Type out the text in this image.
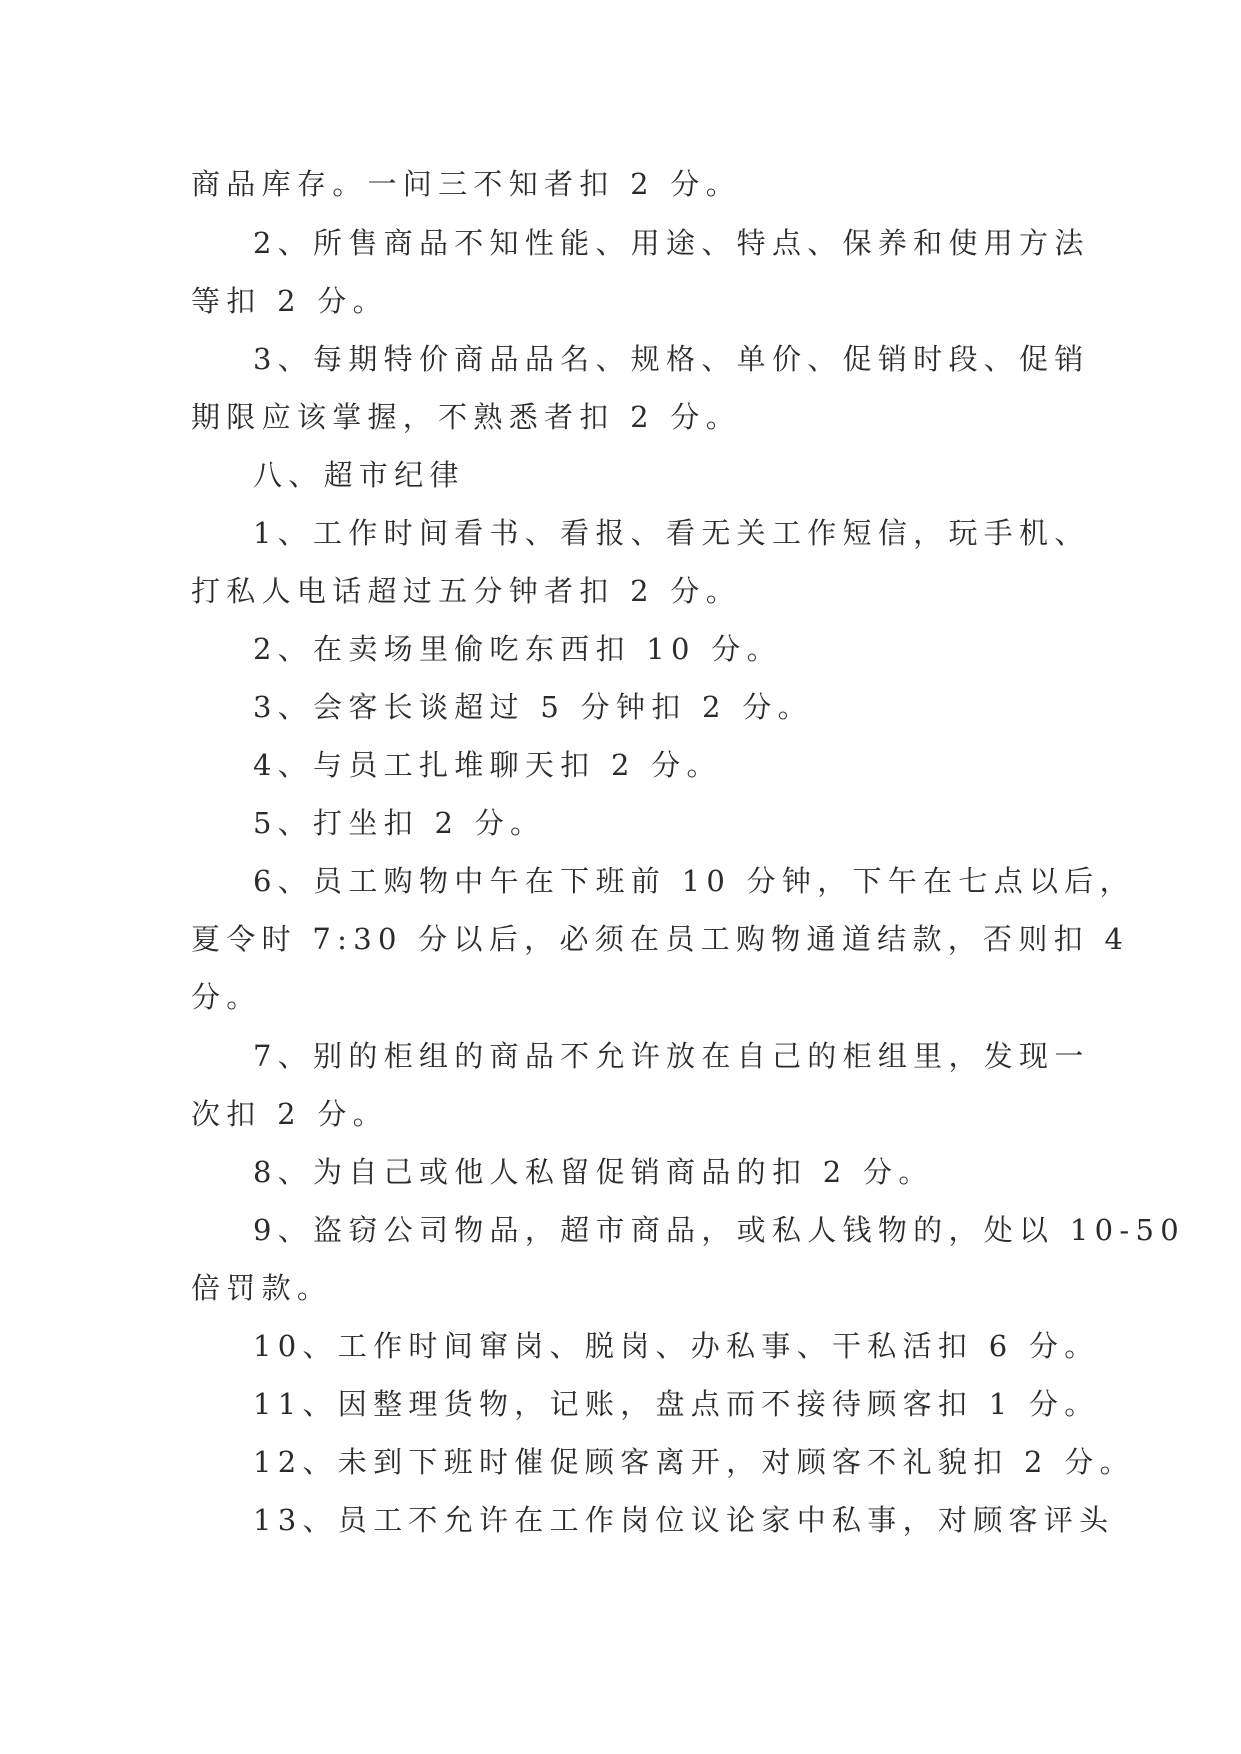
商品库存。一问三不知者扣 2 分。
2、所售商品不知性能、用途、特点、保养和使用方法
等扣 2 分。
3、每期特价商品品名、规格、单价、促销时段、促销
期限应该掌握，不熟悉者扣 2 分。
八、超市纪律
1、工作时间看书、看报、看无关工作短信，玩手机、
打私人电话超过五分钟者扣 2 分。
2、在卖场里偷吃东西扣 10 分。
3、会客长谈超过 5 分钟扣 2 分。
4、与员工扎堆聊天扣 2 分。
5、打坐扣 2 分。
6、员工购物中午在下班前 10 分钟，下午在七点以后，
夏令时 7:30 分以后，必须在员工购物通道结款，否则扣 4
分。
7、别的柜组的商品不允许放在自己的柜组里，发现一
次扣 2 分。
8、为自己或他人私留促销商品的扣 2 分。
9、盗窃公司物品，超市商品，或私人钱物的，处以 10-50
倍罚款。
10、工作时间窜岗、脱岗、办私事、干私活扣 6 分。
11、因整理货物，记账，盘点而不接待顾客扣 1 分。
12、未到下班时催促顾客离开，对顾客不礼貌扣 2 分。
13、员工不允许在工作岗位议论家中私事，对顾客评头
